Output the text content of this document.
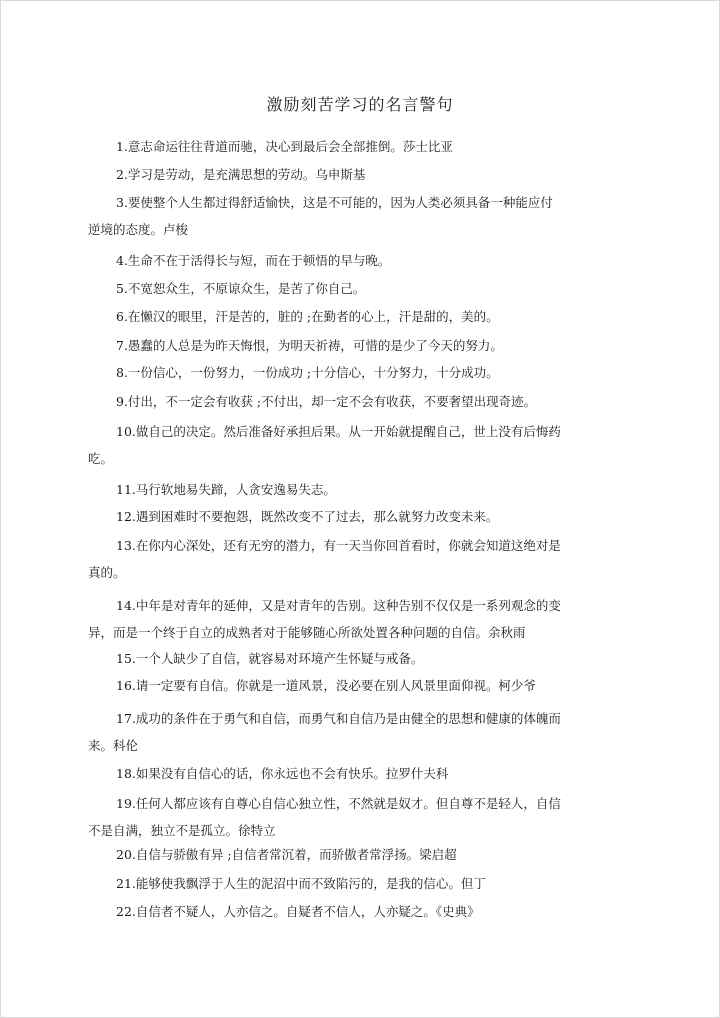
激励刻苦学习的名言警句
1.意志命运往往背道而驰，决心到最后会全部推倒。莎士比亚
2.学习是劳动，是充满思想的劳动。乌申斯基
3.要使整个人生都过得舒适愉快，这是不可能的，因为人类必须具备一种能应付
逆境的态度。卢梭
4.生命不在于活得长与短，而在于顿悟的早与晚。
5.不宽恕众生，不原谅众生，是苦了你自己。
6.在懒汉的眼里，汗是苦的，脏的 ;在勤者的心上，汗是甜的，美的。
7.愚蠢的人总是为昨天悔恨，为明天祈祷，可惜的是少了今天的努力。
8.一份信心，一份努力，一份成功 ;十分信心，十分努力，十分成功。
9.付出，不一定会有收获 ;不付出，却一定不会有收获，不要奢望出现奇迹。
10.做自己的决定。然后准备好承担后果。从一开始就提醒自己，世上没有后悔药
吃。
11.马行软地易失蹄，人贪安逸易失志。
12.遇到困难时不要抱怨，既然改变不了过去，那么就努力改变未来。
13.在你内心深处，还有无穷的潜力，有一天当你回首看时，你就会知道这绝对是
真的。
14.中年是对青年的延伸，又是对青年的告别。这种告别不仅仅是一系列观念的变
异，而是一个终于自立的成熟者对于能够随心所欲处置各种问题的自信。余秋雨
15.一个人缺少了自信，就容易对环境产生怀疑与戒备。
16.请一定要有自信。你就是一道风景，没必要在别人风景里面仰视。柯少爷
17.成功的条件在于勇气和自信，而勇气和自信乃是由健全的思想和健康的体魄而
来。科伦
18.如果没有自信心的话，你永远也不会有快乐。拉罗什夫科
19.任何人都应该有自尊心自信心独立性，不然就是奴才。但自尊不是轻人，自信
不是自满，独立不是孤立。徐特立
20.自信与骄傲有异 ;自信者常沉着，而骄傲者常浮扬。梁启超
21.能够使我飘浮于人生的泥沼中而不致陷污的，是我的信心。但丁
22.自信者不疑人，人亦信之。自疑者不信人，人亦疑之。《史典》
